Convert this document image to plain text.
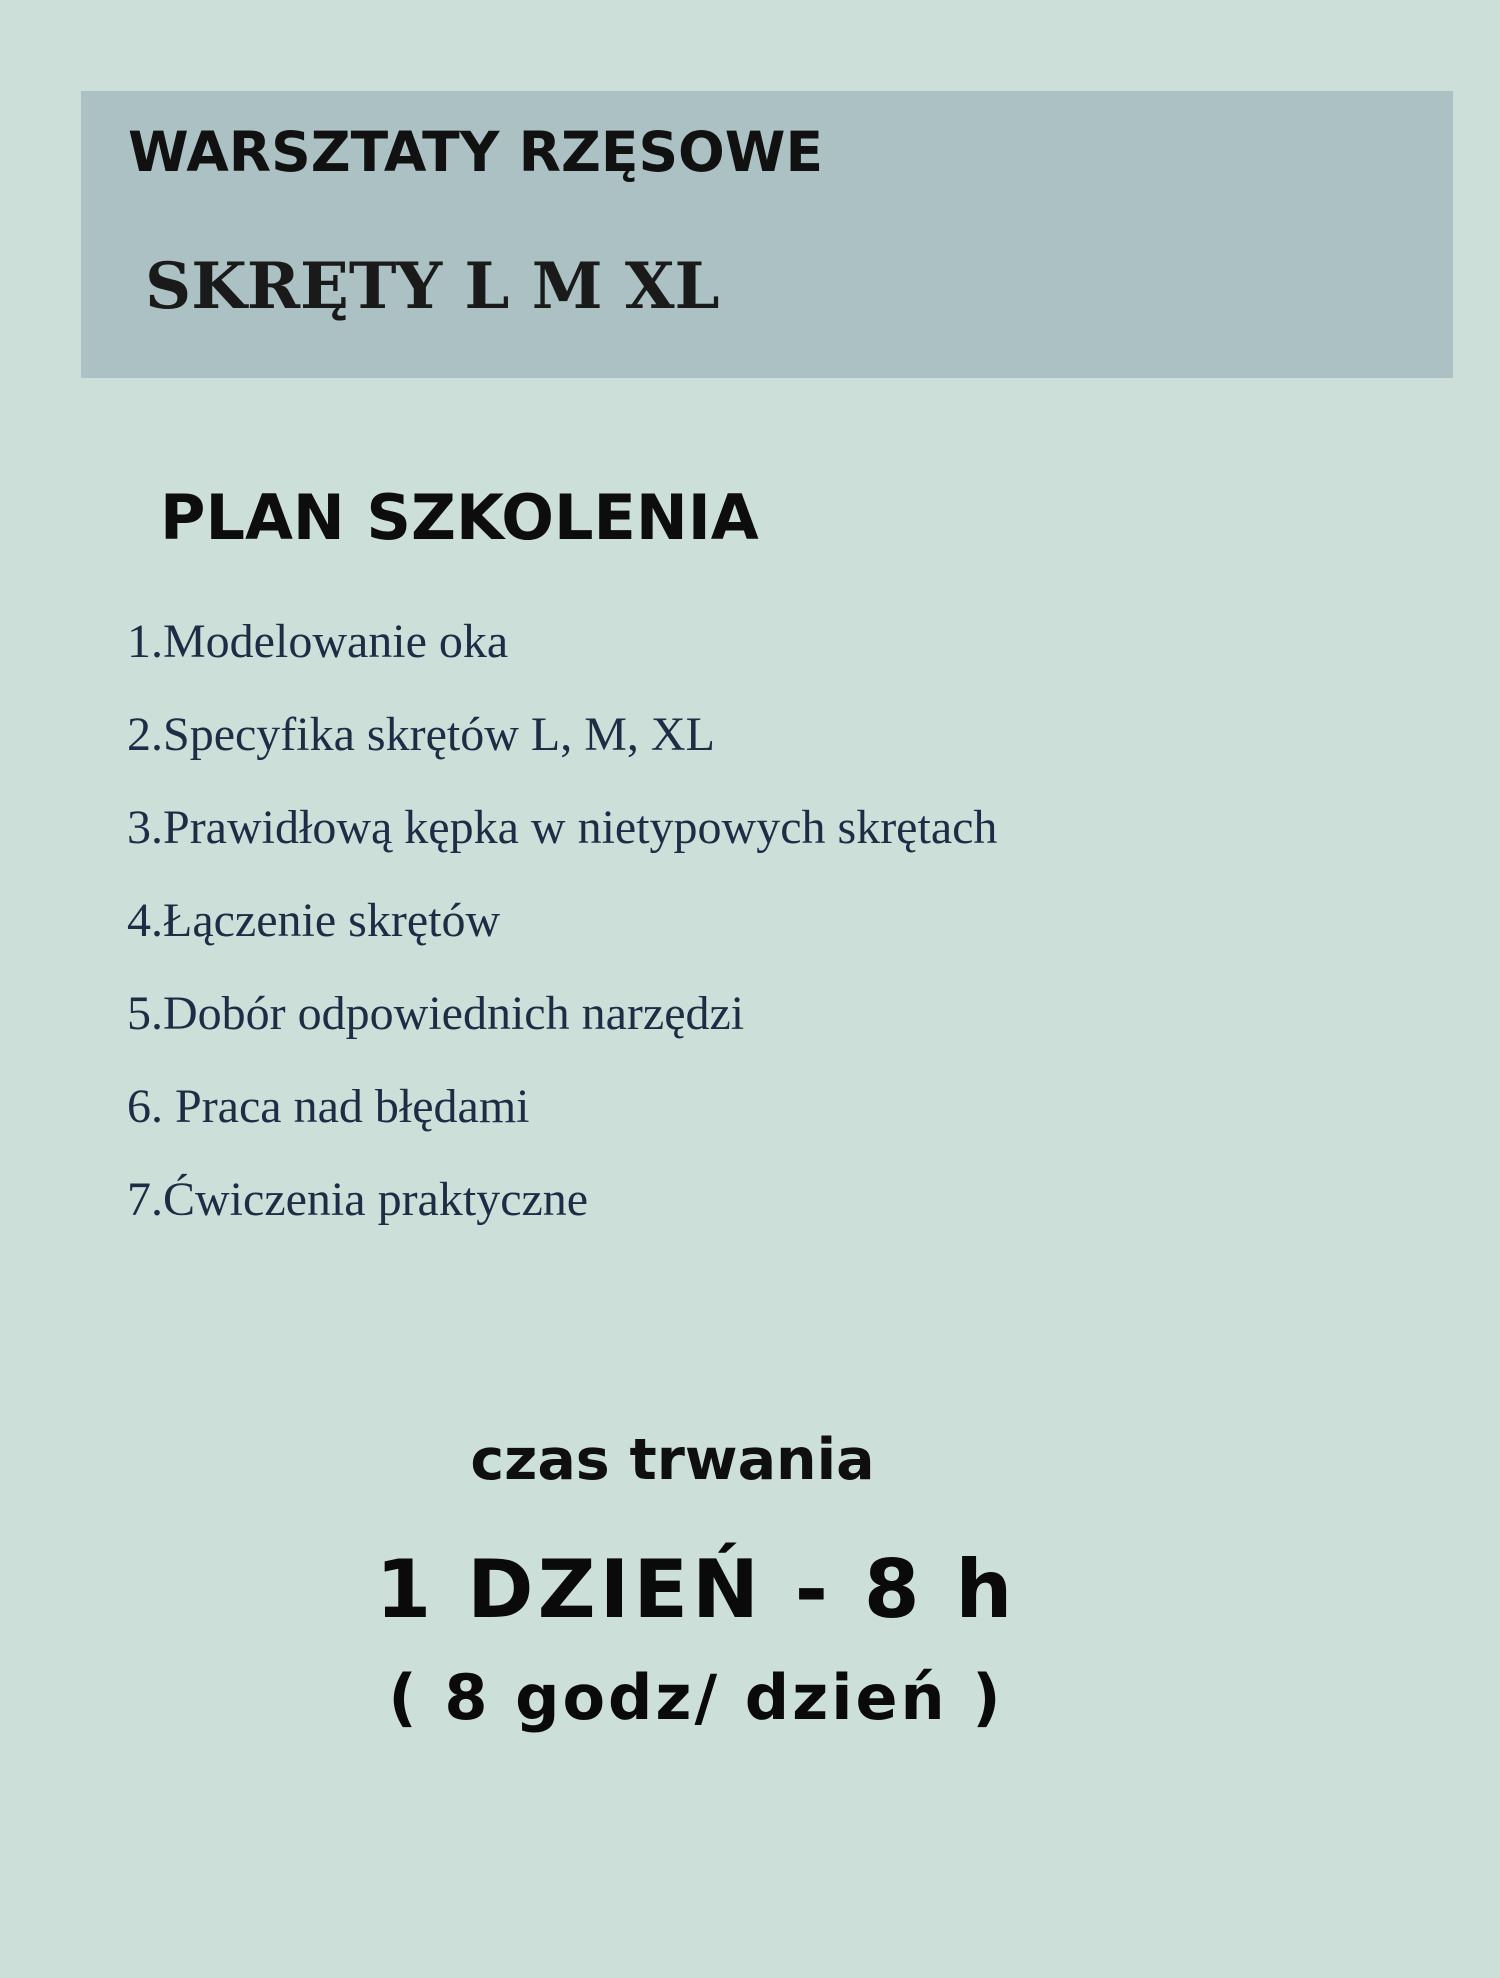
WARSZTATY RZĘSOWE
SKRĘTY L M XL
PLAN SZKOLENIA
1.Modelowanie oka
2.Specyfika skrętów L, M, XL
3.Prawidłową kępka w nietypowych skrętach
4.Łączenie skrętów
5.Dobór odpowiednich narzędzi
6. Praca nad błędami
7.Ćwiczenia praktyczne

czas trwania

1 DZIEŃ - 8 h

( 8 godz/ dzień )
